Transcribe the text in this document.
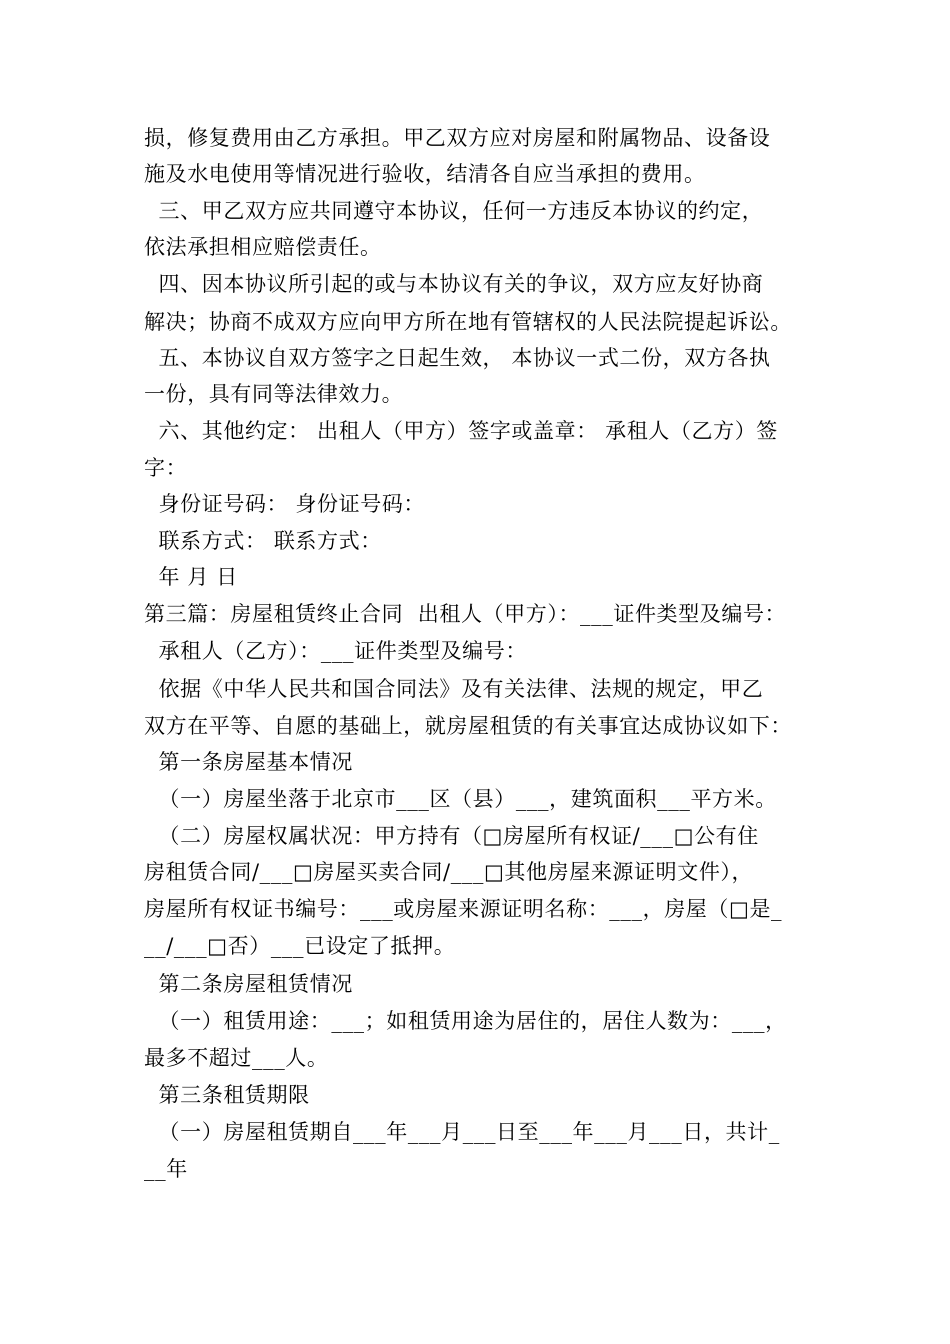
损，修复费用由乙方承担。甲乙双方应对房屋和附属物品、设备设
施及水电使用等情况进行验收，结清各自应当承担的费用。
三、甲乙双方应共同遵守本协议，任何一方违反本协议的约定，
依法承担相应赔偿责任。
四、因本协议所引起的或与本协议有关的争议，双方应友好协商
解决；协商不成双方应向甲方所在地有管辖权的人民法院提起诉讼。
五、本协议自双方签字之日起生效， 本协议一式二份，双方各执
一份，具有同等法律效力。
六、其他约定： 出租人（甲方）签字或盖章： 承租人（乙方）签
字：
身份证号码： 身份证号码：
联系方式： 联系方式：
年 月 日
第三篇：房屋租赁终止合同  出租人（甲方）：___证件类型及编号：
承租人（乙方）：___证件类型及编号：
依据《中华人民共和国合同法》及有关法律、法规的规定，甲乙
双方在平等、自愿的基础上，就房屋租赁的有关事宜达成协议如下：
第一条房屋基本情况
（一）房屋坐落于北京市___区（县）___，建筑面积___平方米。
（二）房屋权属状况：甲方持有（□房屋所有权证/___□公有住
房租赁合同/___□房屋买卖合同/___□其他房屋来源证明文件），
房屋所有权证书编号：___或房屋来源证明名称：___，房屋（□是_
__/___□否）___已设定了抵押。
第二条房屋租赁情况
（一）租赁用途：___；如租赁用途为居住的，居住人数为：___，
最多不超过___人。
第三条租赁期限
（一）房屋租赁期自___年___月___日至___年___月___日，共计_
__年
